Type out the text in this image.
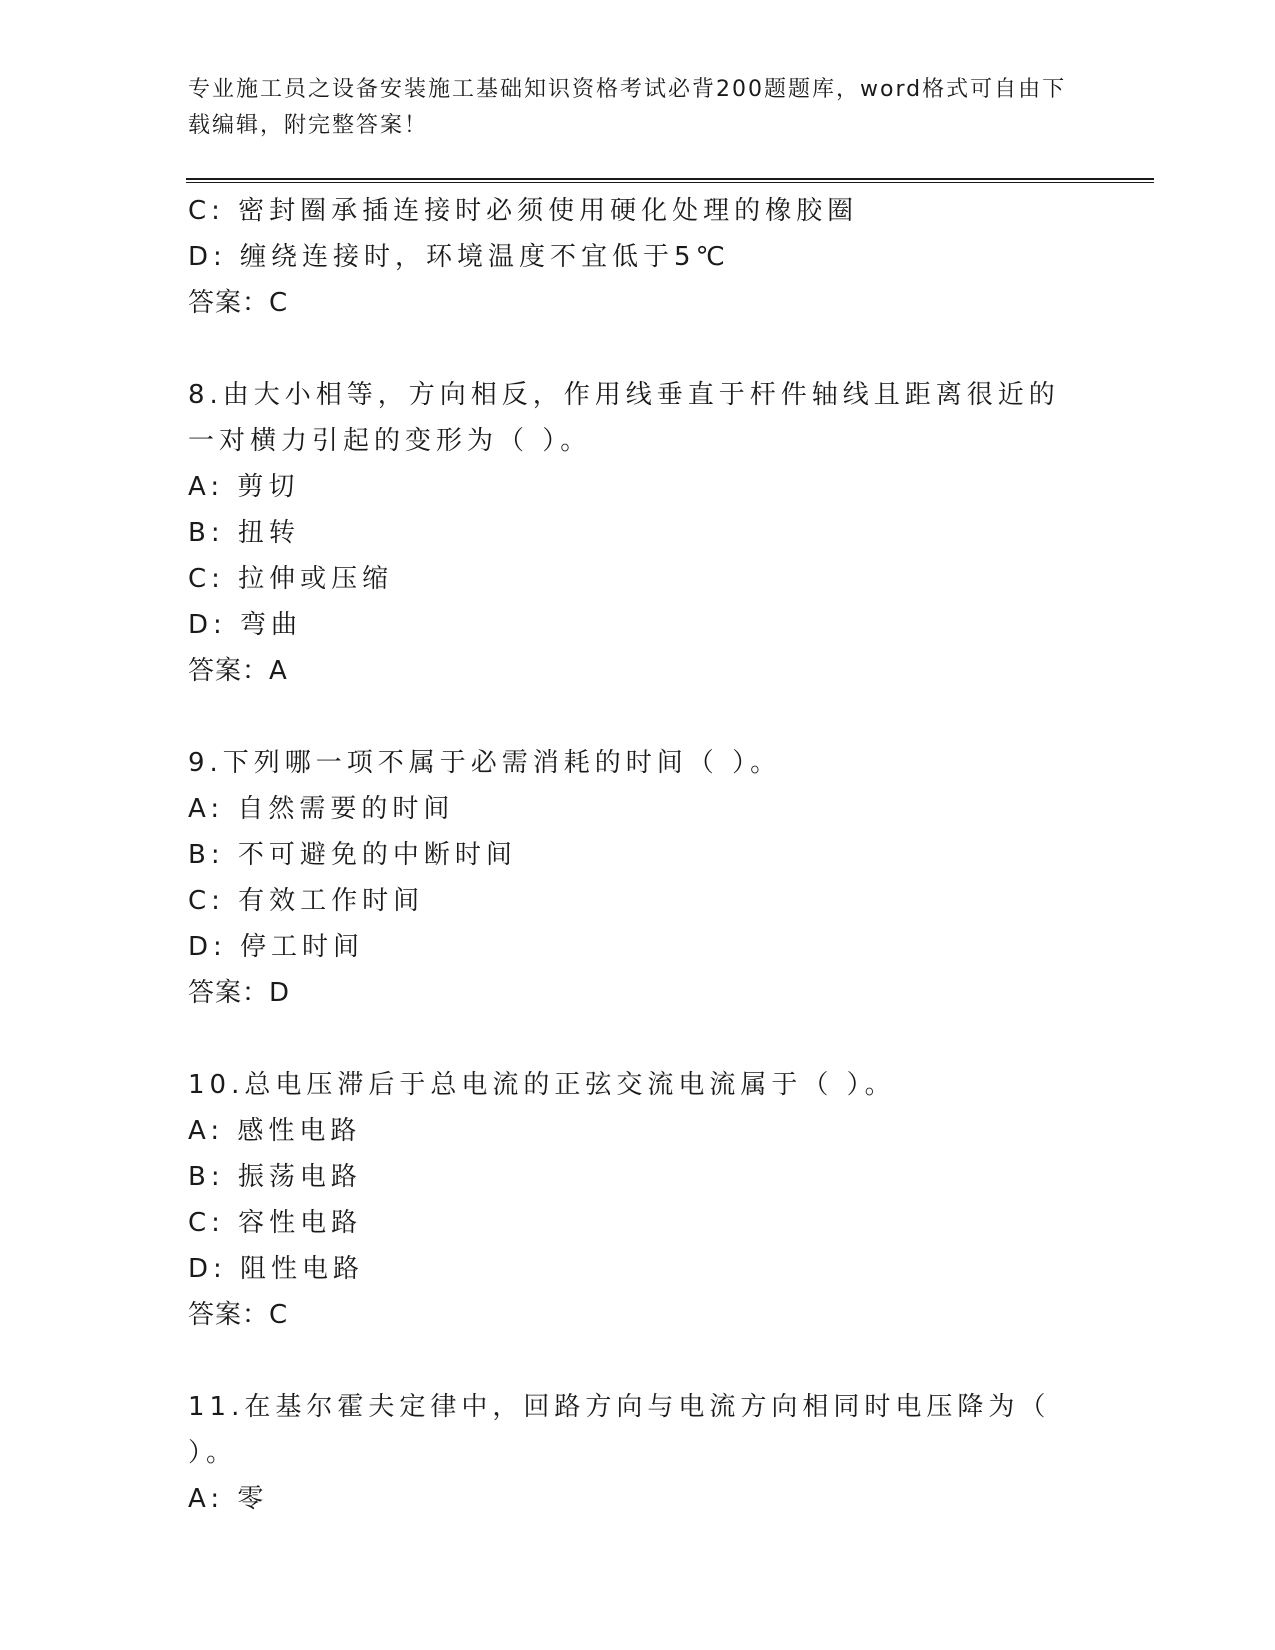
专业施工员之设备安装施工基础知识资格考试必背200题题库，word格式可自由下载编辑，附完整答案！

C: 密封圈承插连接时必须使用硬化处理的橡胶圈

D: 缠绕连接时，环境温度不宜低于5℃

答案：C

8.由大小相等，方向相反，作用线垂直于杆件轴线且距离很近的一对横力引起的变形为（ ）。

A: 剪切

B: 扭转

C: 拉伸或压缩

D: 弯曲

答案：A

9.下列哪一项不属于必需消耗的时间（ ）。

A: 自然需要的时间

B: 不可避免的中断时间

C: 有效工作时间

D: 停工时间

答案：D

10.总电压滞后于总电流的正弦交流电流属于（ ）。

A: 感性电路

B: 振荡电路

C: 容性电路

D: 阻性电路

答案：C

11.在基尔霍夫定律中，回路方向与电流方向相同时电压降为（ ）。

A: 零
